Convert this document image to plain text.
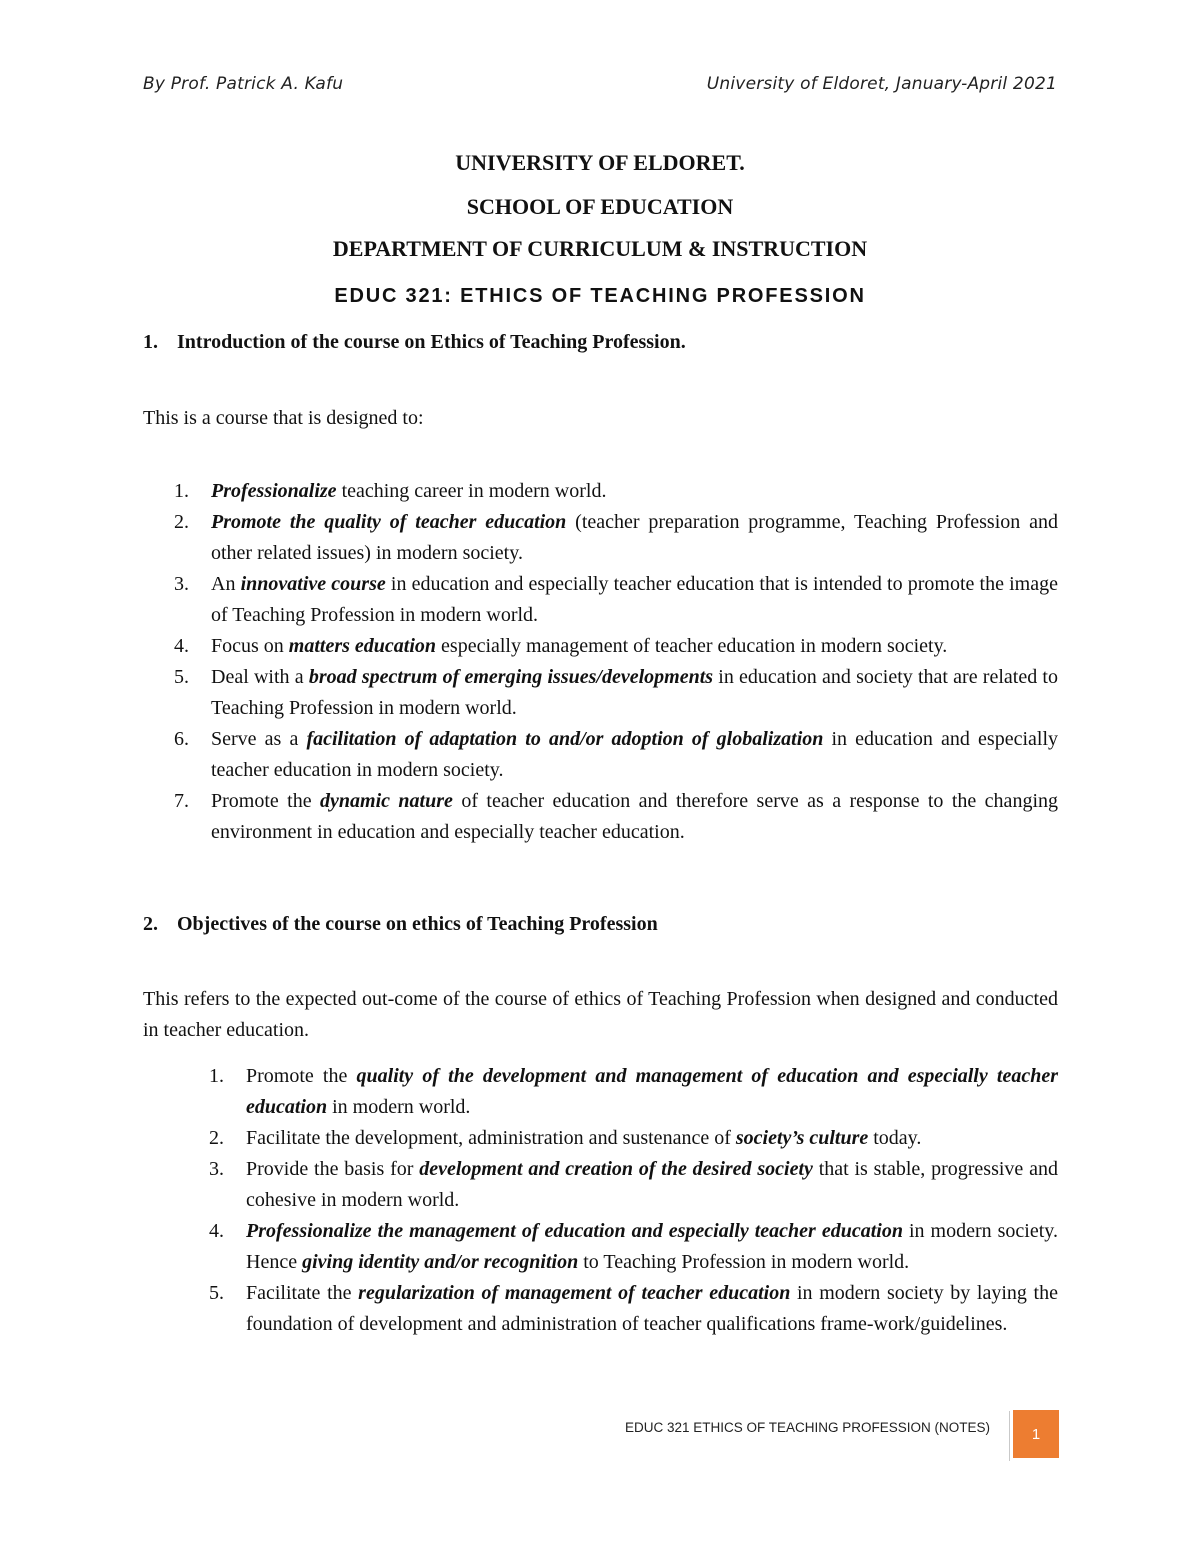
By Prof. Patrick A. Kafu	University of Eldoret, January-April 2021
UNIVERSITY OF ELDORET.
SCHOOL OF EDUCATION
DEPARTMENT OF CURRICULUM & INSTRUCTION
EDUC 321: ETHICS OF TEACHING PROFESSION
1. Introduction of the course on Ethics of Teaching Profession.
This is a course that is designed to:
1. Professionalize teaching career in modern world.
2. Promote the quality of teacher education (teacher preparation programme, Teaching Profession and other related issues) in modern society.
3. An innovative course in education and especially teacher education that is intended to promote the image of Teaching Profession in modern world.
4. Focus on matters education especially management of teacher education in modern society.
5. Deal with a broad spectrum of emerging issues/developments in education and society that are related to Teaching Profession in modern world.
6. Serve as a facilitation of adaptation to and/or adoption of globalization in education and especially teacher education in modern society.
7. Promote the dynamic nature of teacher education and therefore serve as a response to the changing environment in education and especially teacher education.
2. Objectives of the course on ethics of Teaching Profession
This refers to the expected out-come of the course of ethics of Teaching Profession when designed and conducted in teacher education.
1. Promote the quality of the development and management of education and especially teacher education in modern world.
2. Facilitate the development, administration and sustenance of society’s culture today.
3. Provide the basis for development and creation of the desired society that is stable, progressive and cohesive in modern world.
4. Professionalize the management of education and especially teacher education in modern society. Hence giving identity and/or recognition to Teaching Profession in modern world.
5. Facilitate the regularization of management of teacher education in modern society by laying the foundation of development and administration of teacher qualifications frame-work/guidelines.
EDUC 321 ETHICS OF TEACHING PROFESSION (NOTES)	1
